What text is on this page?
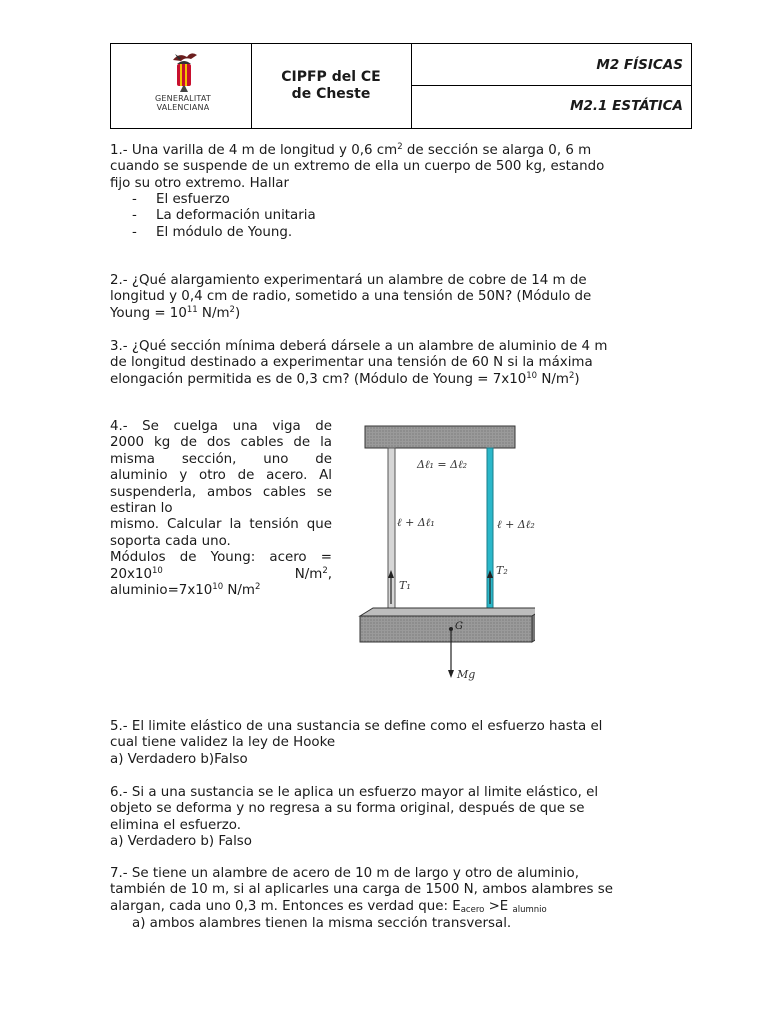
GENERALITAT
VALENCIANA
CIPFP del CE
de Cheste
M2 FÍSICAS
M2.1 ESTÁTICA
1.- Una varilla de 4 m de longitud y 0,6 $cm^2$ de sección se alarga 0, 6 m
cuando se suspende de un extremo de ella un cuerpo de 500 kg, estando
fijo su otro extremo. Hallar
- El esfuerzo
- La deformación unitaria
- El módulo de Young.
2.- ¿Qué alargamiento experimentará un alambre de cobre de 14 m de
longitud y 0,4 cm de radio, sometido a una tensión de 50N? (Módulo de
Young = $10^{11}$ $N/m^2$)
3.- ¿Qué sección mínima deberá dársele a un alambre de aluminio de 4 m
de longitud destinado a experimentar una tensión de 60 N si la máxima
elongación permitida es de 0,3 cm? (Módulo de Young = $7x10^{10}$ $N/m^2$)
4.- Se cuelga una viga de
2000 kg de dos cables de la
misma sección, uno de
aluminio y otro de acero. Al
suspenderla, ambos cables se
estiran lo
mismo. Calcular la tensión que
soporta cada uno.
Módulos de Young: acero =
$20x10^{10}$	$N/m^2$,
$aluminio=7x10^{10}$ $N/m^2$
Δℓ₁ = Δℓ₂
ℓ + Δℓ₁	ℓ + Δℓ₂
T₁
T₂
G
Mg
5.- El limite elástico de una sustancia se define como el esfuerzo hasta el
cual tiene validez la ley de Hooke
a) Verdadero b)Falso
6.- Si a una sustancia se le aplica un esfuerzo mayor al limite elástico, el
objeto se deforma y no regresa a su forma original, después de que se
elimina el esfuerzo.
a) Verdadero b) Falso
7.- Se tiene un alambre de acero de 10 m de largo y otro de aluminio,
también de 10 m, si al aplicarles una carga de 1500 N, ambos alambres se
alargan, cada uno 0,3 m. Entonces es verdad que: $E_{acero} >E$ $_{alumnio}$
a) ambos alambres tienen la misma sección transversal.
